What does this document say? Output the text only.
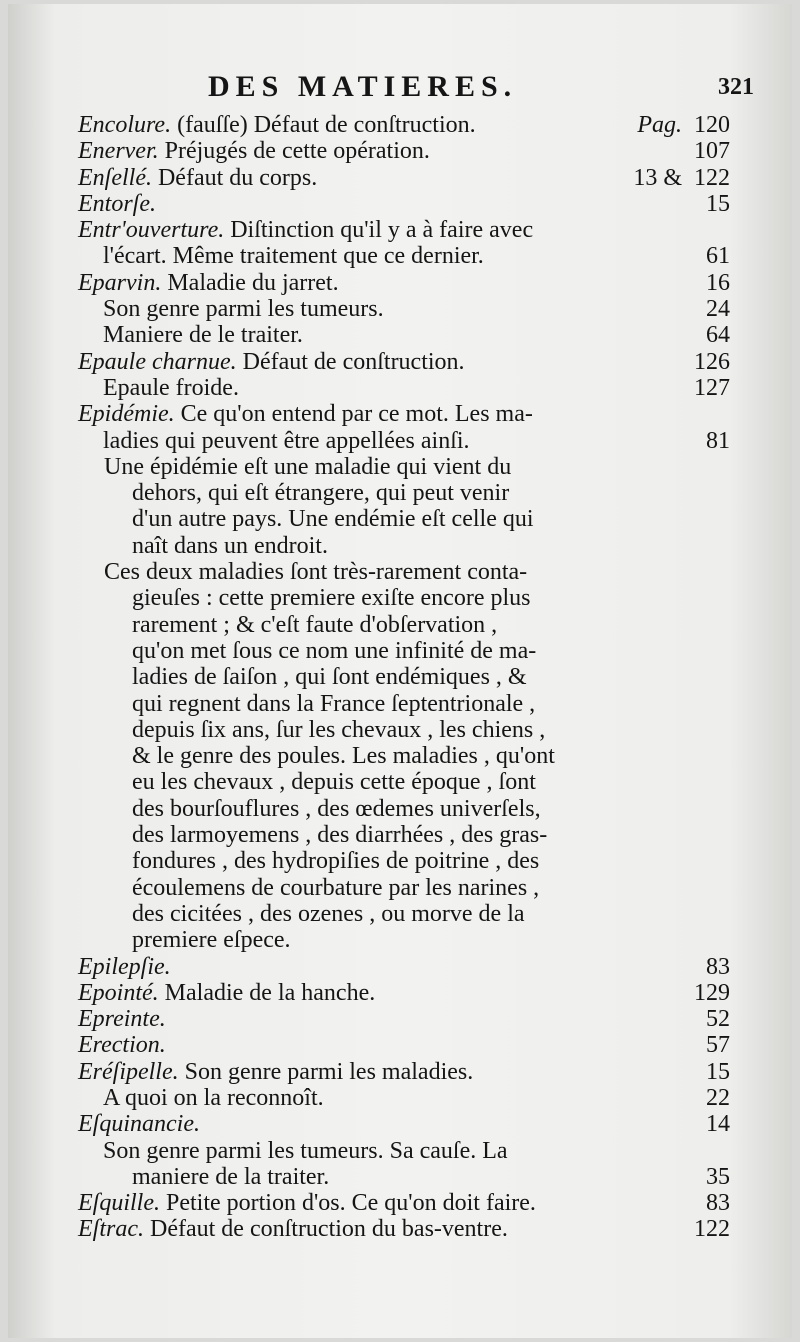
DES MATIERES.	321
Encolure. (fauſſe) Défaut de conſtruction.	Pag. 120
Enerver. Préjugés de cette opération.	107
Enſellé. Défaut du corps.	13 & 122
Entorſe.	15
Entr'ouverture. Diſtinction qu'il y a à faire avec
l'écart. Même traitement que ce dernier.	61
Eparvin. Maladie du jarret.	16
Son genre parmi les tumeurs.	24
Maniere de le traiter.	64
Epaule charnue. Défaut de conſtruction.	126
Epaule froide.	127
Epidémie. Ce qu'on entend par ce mot. Les ma-
ladies qui peuvent être appellées ainſi.	81
Une épidémie eſt une maladie qui vient du
dehors, qui eſt étrangere, qui peut venir
d'un autre pays. Une endémie eſt celle qui
naît dans un endroit.
Ces deux maladies ſont très-rarement conta-
gieuſes : cette premiere exiſte encore plus
rarement ; & c'eſt faute d'obſervation ,
qu'on met ſous ce nom une infinité de ma-
ladies de ſaiſon , qui ſont endémiques , &
qui regnent dans la France ſeptentrionale ,
depuis ſix ans, ſur les chevaux , les chiens ,
& le genre des poules. Les maladies , qu'ont
eu les chevaux , depuis cette époque , ſont
des bourſouflures , des œdemes univerſels,
des larmoyemens , des diarrhées , des gras-
fondures , des hydropiſies de poitrine , des
écoulemens de courbature par les narines ,
des cicitées , des ozenes , ou morve de la
premiere eſpece.
Epilepſie.	83
Epointé. Maladie de la hanche.	129
Epreinte.	52
Erection.	57
Eréſipelle. Son genre parmi les maladies.	15
A quoi on la reconnoît.	22
Eſquinancie.	14
Son genre parmi les tumeurs. Sa cauſe. La
maniere de la traiter.	35
Eſquille. Petite portion d'os. Ce qu'on doit faire.	83
Eſtrac. Défaut de conſtruction du bas-ventre.	122
